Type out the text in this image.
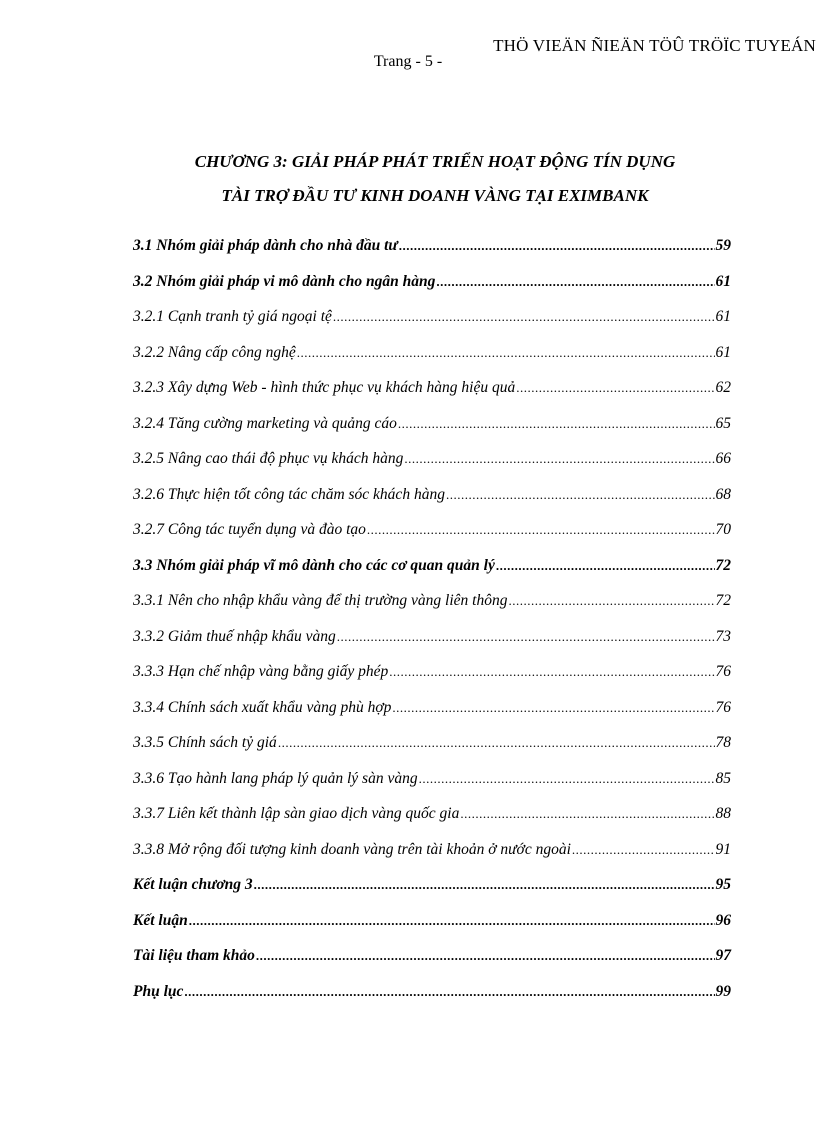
THÖ VIEÄN ÑIEÄN TÖÛ TRÖÏC TUYEÁN
Trang - 5 -
CHƯƠNG 3: GIẢI PHÁP PHÁT TRIỂN HOẠT ĐỘNG TÍN DỤNG
TÀI TRỢ ĐẦU TƯ KINH DOANH VÀNG TẠI EXIMBANK
3.1 Nhóm giải pháp dành cho nhà đầu tư .....	59
3.2 Nhóm giải pháp vi mô dành cho ngân hàng .....	61
3.2.1 Cạnh tranh tỷ giá ngoại tệ .....	61
3.2.2 Nâng cấp công nghệ .....	61
3.2.3 Xây dựng Web - hình thức phục vụ khách hàng hiệu quả .....	62
3.2.4 Tăng cường marketing và quảng cáo .....	65
3.2.5 Nâng cao thái độ phục vụ khách hàng .....	66
3.2.6 Thực hiện tốt công tác chăm sóc khách hàng .....	68
3.2.7 Công tác tuyển dụng và đào tạo .....	70
3.3 Nhóm giải pháp vĩ mô dành cho các cơ quan quản lý .....	72
3.3.1 Nên cho nhập khẩu vàng để thị trường vàng liên thông .....	72
3.3.2 Giảm thuế nhập khẩu vàng .....	73
3.3.3 Hạn chế nhập vàng bằng giấy phép .....	76
3.3.4 Chính sách xuất khẩu vàng phù hợp .....	76
3.3.5 Chính sách tỷ giá .....	78
3.3.6 Tạo hành lang pháp lý quản lý sàn vàng .....	85
3.3.7 Liên kết thành lập sàn giao dịch vàng quốc gia .....	88
3.3.8 Mở rộng đối tượng kinh doanh vàng trên tài khoản ở nước ngoài .....	91
Kết luận chương 3 .....	95
Kết luận .....	96
Tài liệu tham khảo .....	97
Phụ lục .....	99
